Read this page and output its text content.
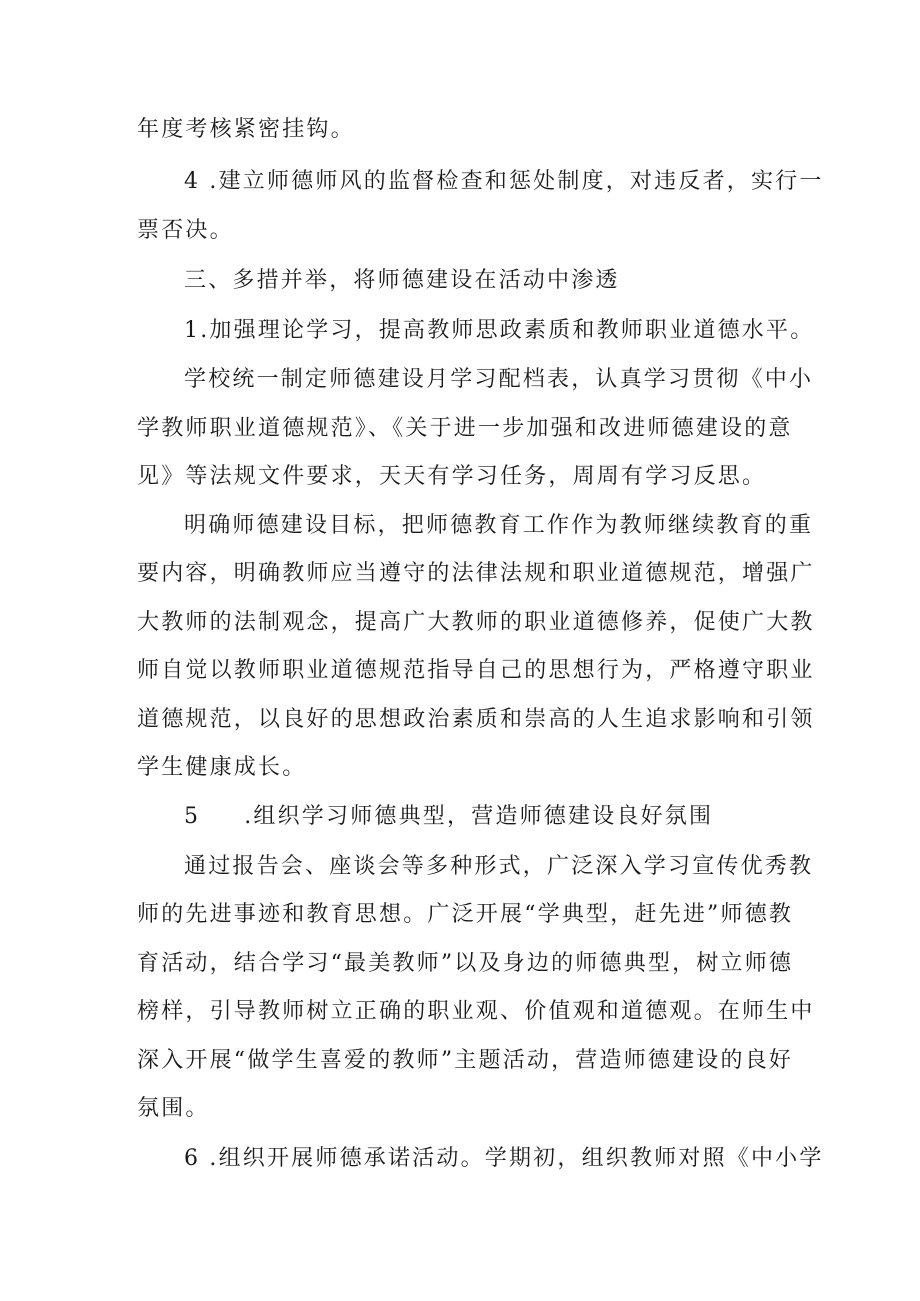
年度考核紧密挂钩。
4 .建立师德师风的监督检查和惩处制度，对违反者，实行一
票否决。
三、多措并举，将师德建设在活动中渗透
1.加强理论学习，提高教师思政素质和教师职业道德水平。
学校统一制定师德建设月学习配档表，认真学习贯彻《中小
学教师职业道德规范》、《关于进一步加强和改进师德建设的意
见》等法规文件要求，天天有学习任务，周周有学习反思。
明确师德建设目标，把师德教育工作作为教师继续教育的重
要内容，明确教师应当遵守的法律法规和职业道德规范，增强广
大教师的法制观念，提高广大教师的职业道德修养，促使广大教
师自觉以教师职业道德规范指导自己的思想行为，严格遵守职业
道德规范，以良好的思想政治素质和崇高的人生追求影响和引领
学生健康成长。
5 .组织学习师德典型，营造师德建设良好氛围
通过报告会、座谈会等多种形式，广泛深入学习宣传优秀教
师的先进事迹和教育思想。广泛开展“学典型，赶先进”师德教
育活动，结合学习“最美教师”以及身边的师德典型，树立师德
榜样，引导教师树立正确的职业观、价值观和道德观。在师生中
深入开展“做学生喜爱的教师”主题活动，营造师德建设的良好
氛围。
6 .组织开展师德承诺活动。学期初，组织教师对照《中小学
